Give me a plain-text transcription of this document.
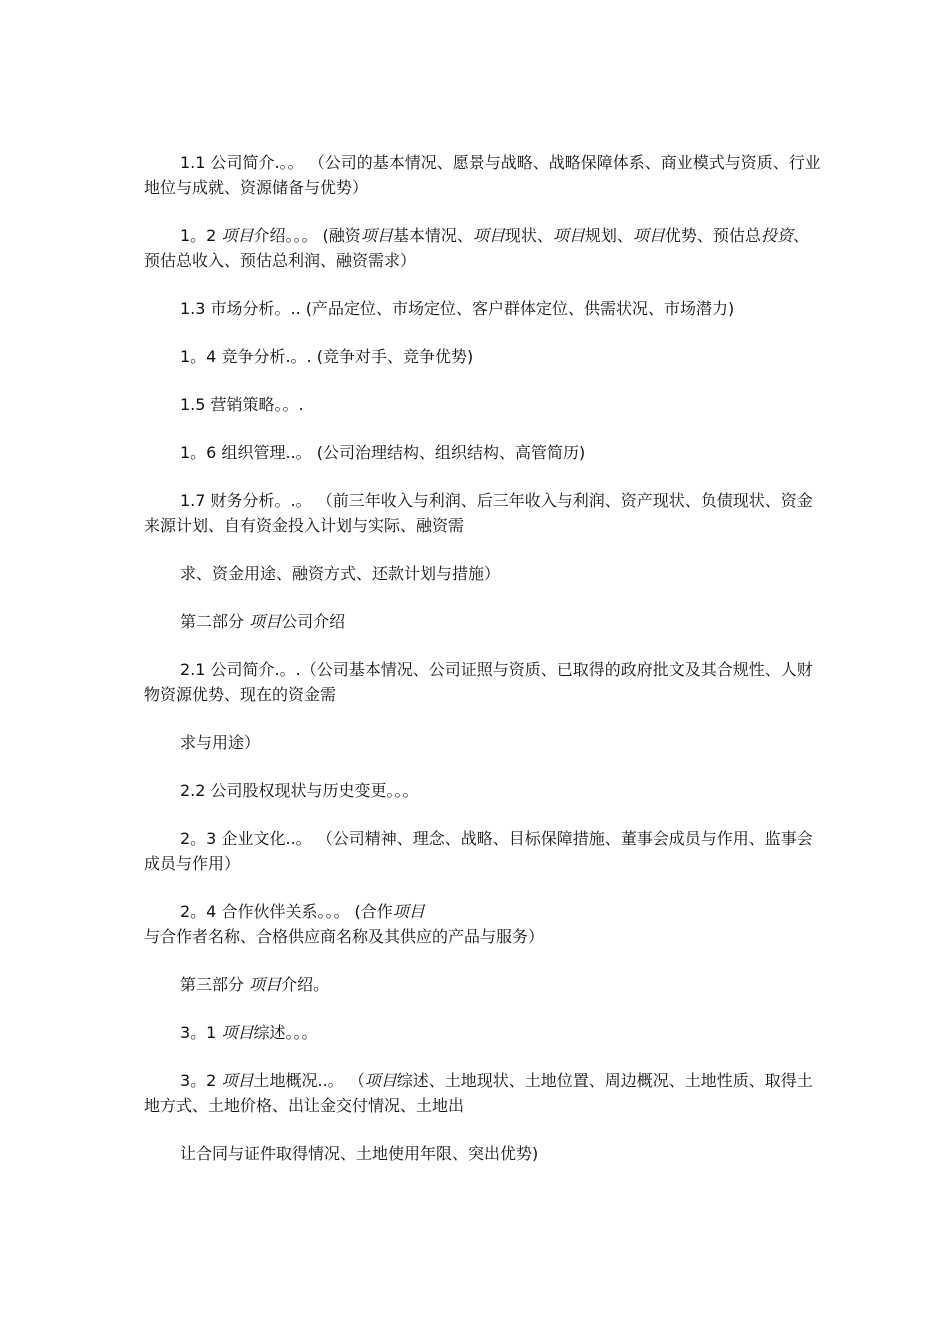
1.1 公司简介.。。 （公司的基本情况、愿景与战略、战略保障体系、商业模式与资质、行业地位与成就、资源储备与优势）

1。2 项目介绍。。。 (融资项目基本情况、项目现状、项目规划、项目优势、预估总投资、预估总收入、预估总利润、融资需求）

1.3 市场分析。.. (产品定位、市场定位、客户群体定位、供需状况、市场潜力)

1。4 竞争分析.。. (竞争对手、竞争优势)

1.5 营销策略。。.

1。6 组织管理..。 (公司治理结构、组织结构、高管简历)

1.7 财务分析。.。 （前三年收入与利润、后三年收入与利润、资产现状、负债现状、资金来源计划、自有资金投入计划与实际、融资需

求、资金用途、融资方式、还款计划与措施）

第二部分 项目公司介绍

2.1 公司简介.。.（公司基本情况、公司证照与资质、已取得的政府批文及其合规性、人财物资源优势、现在的资金需

求与用途）

2.2 公司股权现状与历史变更。。。

2。3 企业文化..。 （公司精神、理念、战略、目标保障措施、董事会成员与作用、监事会成员与作用）

2。4 合作伙伴关系。。。 (合作项目与合作者名称、合格供应商名称及其供应的产品与服务）

第三部分 项目介绍。

3。1 项目综述。。。

3。2 项目土地概况..。 （项目综述、土地现状、土地位置、周边概况、土地性质、取得土地方式、土地价格、出让金交付情况、土地出

让合同与证件取得情况、土地使用年限、突出优势)
